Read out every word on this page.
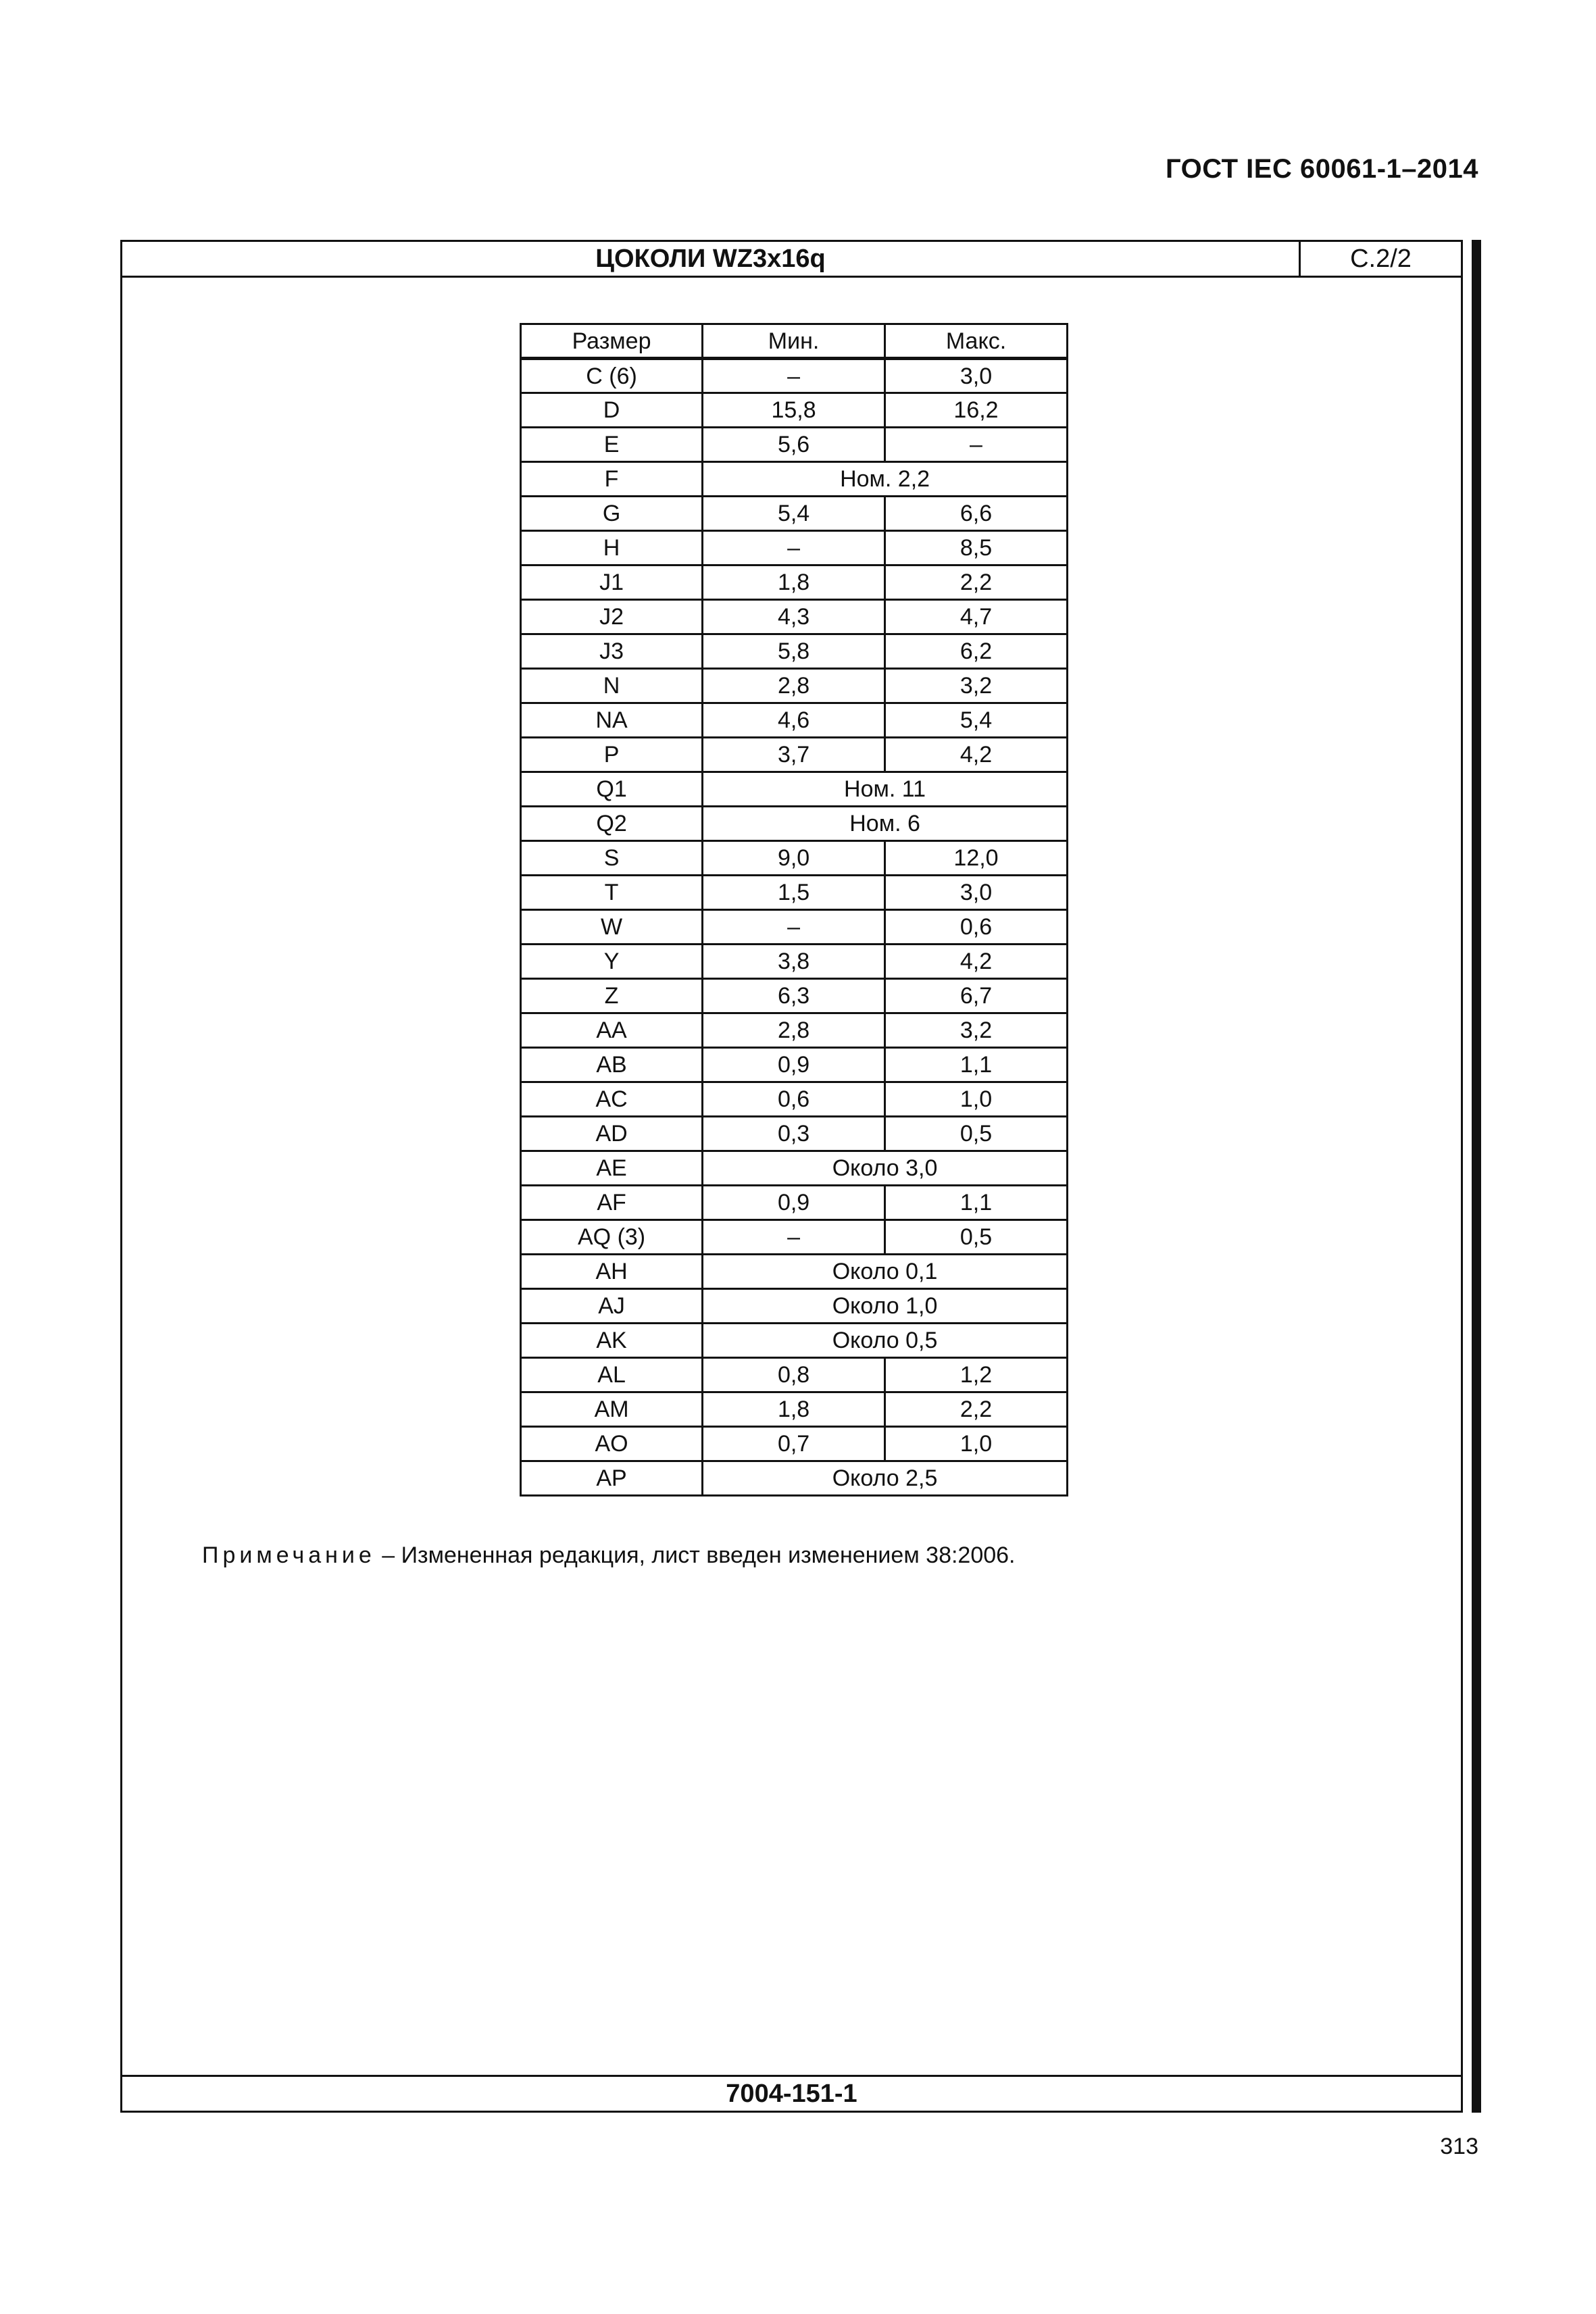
ГОСТ IEC 60061-1–2014
ЦОКОЛИ WZ3x16q	С.2/2
Размер	Мин.	Макс.
C (6)	–	3,0
D	15,8	16,2
E	5,6	–
F	Ном. 2,2	
G	5,4	6,6
H	–	8,5
J1	1,8	2,2
J2	4,3	4,7
J3	5,8	6,2
N	2,8	3,2
NA	4,6	5,4
P	3,7	4,2
Q1	Ном. 11	
Q2	Ном. 6	
S	9,0	12,0
T	1,5	3,0
W	–	0,6
Y	3,8	4,2
Z	6,3	6,7
AA	2,8	3,2
AB	0,9	1,1
AC	0,6	1,0
AD	0,3	0,5
AE	Около 3,0	
AF	0,9	1,1
AQ (3)	–	0,5
AH	Около 0,1	
AJ	Около 1,0	
AK	Около 0,5	
AL	0,8	1,2
AM	1,8	2,2
AO	0,7	1,0
AP	Около 2,5	
Примечание – Измененная редакция, лист введен изменением 38:2006.
7004-151-1
313
